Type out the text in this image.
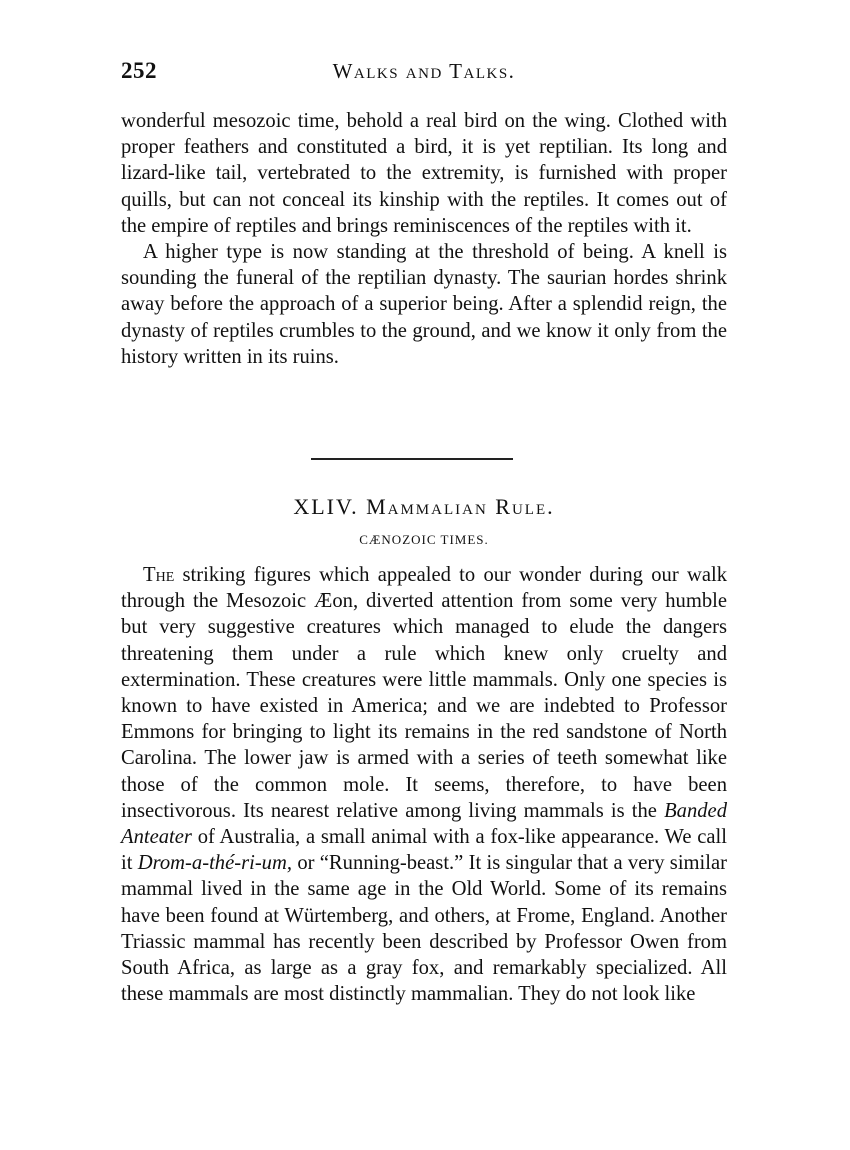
252	Walks and Talks.

wonderful mesozoic time, behold a real bird on the wing. Clothed with proper feathers and constituted a bird, it is yet reptilian. Its long and lizard-like tail, vertebrated to the extremity, is furnished with proper quills, but can not conceal its kinship with the reptiles. It comes out of the empire of reptiles and brings reminiscences of the reptiles with it.

A higher type is now standing at the threshold of being. A knell is sounding the funeral of the reptilian dynasty. The saurian hordes shrink away before the approach of a superior being. After a splendid reign, the dynasty of reptiles crumbles to the ground, and we know it only from the history written in its ruins.

XLIV. Mammalian Rule.
CÆNOZOIC TIMES.

The striking figures which appealed to our wonder during our walk through the Mesozoic Æon, diverted attention from some very humble but very suggestive creatures which managed to elude the dangers threatening them under a rule which knew only cruelty and extermination. These creatures were little mammals. Only one species is known to have existed in America; and we are indebted to Professor Emmons for bringing to light its remains in the red sandstone of North Carolina. The lower jaw is armed with a series of teeth somewhat like those of the common mole. It seems, therefore, to have been insectivorous. Its nearest relative among living mammals is the Banded Anteater of Australia, a small animal with a fox-like appearance. We call it Drom-a-thé-ri-um, or “Running-beast.” It is singular that a very similar mammal lived in the same age in the Old World. Some of its remains have been found at Würtemberg, and others, at Frome, England. Another Triassic mammal has recently been described by Professor Owen from South Africa, as large as a gray fox, and remarkably specialized. All these mammals are most distinctly mammalian. They do not look like
